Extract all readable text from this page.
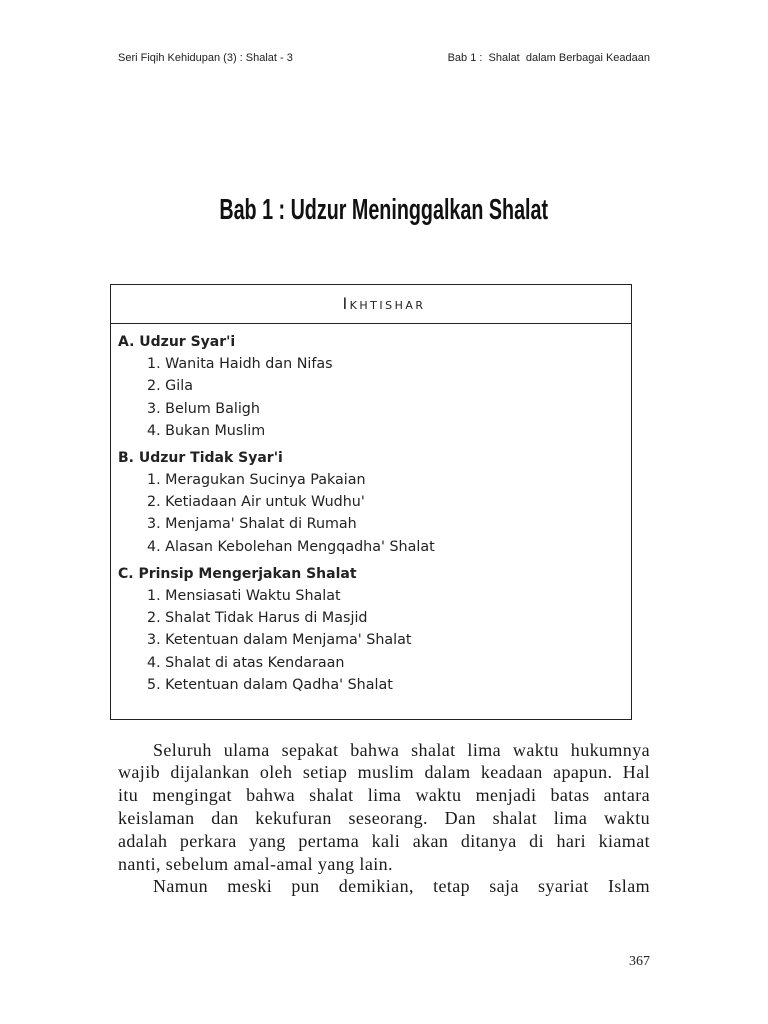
Seri Fiqih Kehidupan (3) : Shalat - 3	Bab 1 :  Shalat  dalam Berbagai Keadaan
Bab 1 : Udzur Meninggalkan Shalat
Ikhtishar
A. Udzur Syar'i
1. Wanita Haidh dan Nifas
2. Gila
3. Belum Baligh
4. Bukan Muslim
B. Udzur Tidak Syar'i
1. Meragukan Sucinya Pakaian
2. Ketiadaan Air untuk Wudhu'
3. Menjama' Shalat di Rumah
4. Alasan Kebolehan Mengqadha' Shalat
C. Prinsip Mengerjakan Shalat
1. Mensiasati Waktu Shalat
2. Shalat Tidak Harus di Masjid
3. Ketentuan dalam Menjama' Shalat
4. Shalat di atas Kendaraan
5. Ketentuan dalam Qadha' Shalat
Seluruh ulama sepakat bahwa shalat lima waktu hukumnya
wajib dijalankan oleh setiap muslim dalam keadaan apapun. Hal
itu mengingat bahwa shalat lima waktu menjadi batas antara
keislaman dan kekufuran seseorang. Dan shalat lima waktu
adalah perkara yang pertama kali akan ditanya di hari kiamat
nanti, sebelum amal-amal yang lain.
Namun meski pun demikian, tetap saja syariat Islam
367
